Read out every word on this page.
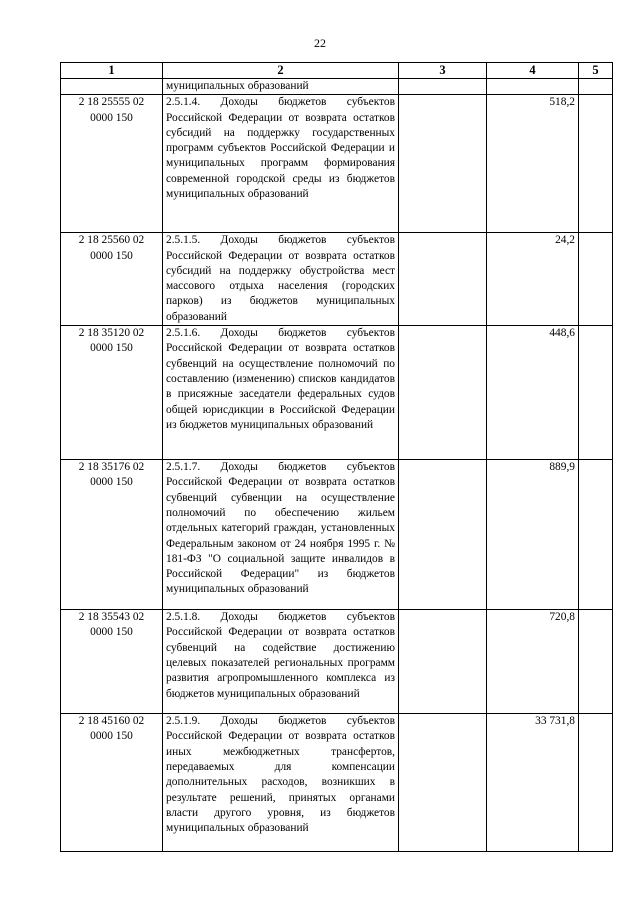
22
1	2	3	4	5
	муниципальных образований			

2 18 25555 02
0000 150	2.5.1.4. Доходы бюджетов субъектов Российской Федерации от возврата остатков субсидий на поддержку государственных программ субъектов Российской Федерации и муниципальных программ формирования современной городской среды из бюджетов муниципальных образований		518,2	

2 18 25560 02
0000 150	2.5.1.5. Доходы бюджетов субъектов Российской Федерации от возврата остатков субсидий на поддержку обустройства мест массового отдыха населения (городских парков) из бюджетов муниципальных образований		24,2	

2 18 35120 02
0000 150	2.5.1.6. Доходы бюджетов субъектов Российской Федерации от возврата остатков субвенций на осуществление полномочий по составлению (изменению) списков кандидатов в присяжные заседатели федеральных судов общей юрисдикции в Российской Федерации из бюджетов муниципальных образований		448,6	

2 18 35176 02
0000 150	2.5.1.7. Доходы бюджетов субъектов Российской Федерации от возврата остатков субвенций субвенции на осуществление полномочий по обеспечению жильем отдельных категорий граждан, установленных Федеральным законом от 24 ноября 1995 г. № 181-ФЗ "О социальной защите инвалидов в Российской Федерации" из бюджетов муниципальных образований		889,9	

2 18 35543 02
0000 150	2.5.1.8. Доходы бюджетов субъектов Российской Федерации от возврата остатков субвенций на содействие достижению целевых показателей региональных программ развития агропромышленного комплекса из бюджетов муниципальных образований		720,8	

2 18 45160 02
0000 150	2.5.1.9. Доходы бюджетов субъектов Российской Федерации от возврата остатков иных межбюджетных трансфертов, передаваемых для компенсации дополнительных расходов, возникших в результате решений, принятых органами власти другого уровня, из бюджетов муниципальных образований		33 731,8	
